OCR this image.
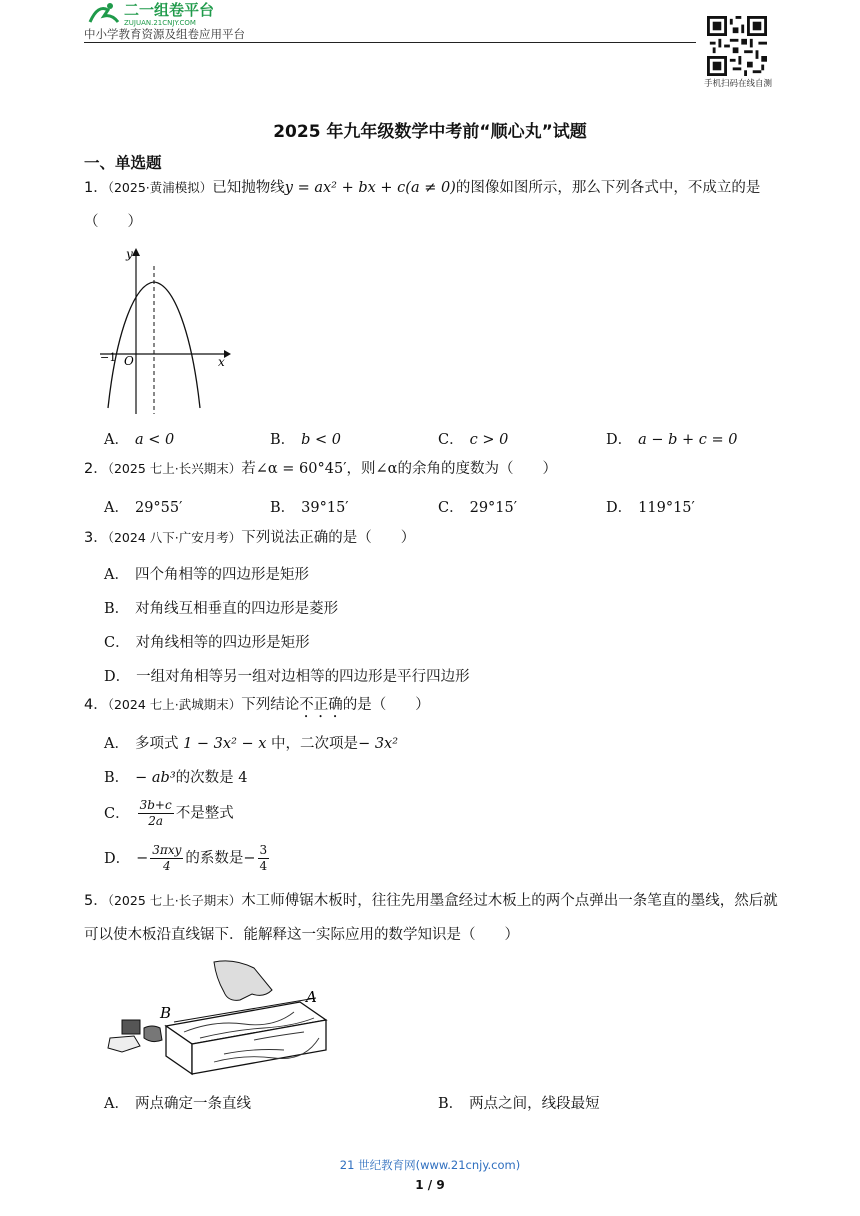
二一组卷平台
ZUJUAN.21CNJY.COM
中小学教育资源及组卷应用平台
手机扫码在线自测
2025 年九年级数学中考前“顺心丸”试题
一、单选题
1．（2025·黄浦模拟）已知抛物线y = ax² + bx + c(a ≠ 0)的图像如图所示，那么下列各式中，不成立的是（　　）
y
x
O
−1
A． a < 0	B． b < 0	C． c > 0	D． a − b + c = 0
2．（2025 七上·长兴期末）若∠α = 60°45′，则∠α的余角的度数为（　　）
A． 29°55′	B． 39°15′	C． 29°15′	D． 119°15′
3．（2024 八下·广安月考）下列说法正确的是（　　）
A． 四个角相等的四边形是矩形
B． 对角线互相垂直的四边形是菱形
C． 对角线相等的四边形是矩形
D． 一组对角相等另一组对边相等的四边形是平行四边形
4．（2024 七上·武城期末）下列结论不正确的是（　　）
A． 多项式 1 − 3x² − x 中，二次项是− 3x²
B． − ab³的次数是 4
C． $\frac{3b+c}{2a}$ 不是整式
D． − $\frac{\text{3πxy}}{4}$ 的系数是− $\frac{3}{4}$
5．（2025 七上·长子期末）木工师傅锯木板时，往往先用墨盒经过木板上的两个点弹出一条笔直的墨线，然后就可以使木板沿直线锯下．能解释这一实际应用的数学知识是（　　）
B
A
A． 两点确定一条直线	B． 两点之间，线段最短
21 世纪教育网(www.21cnjy.com)
1 / 9
